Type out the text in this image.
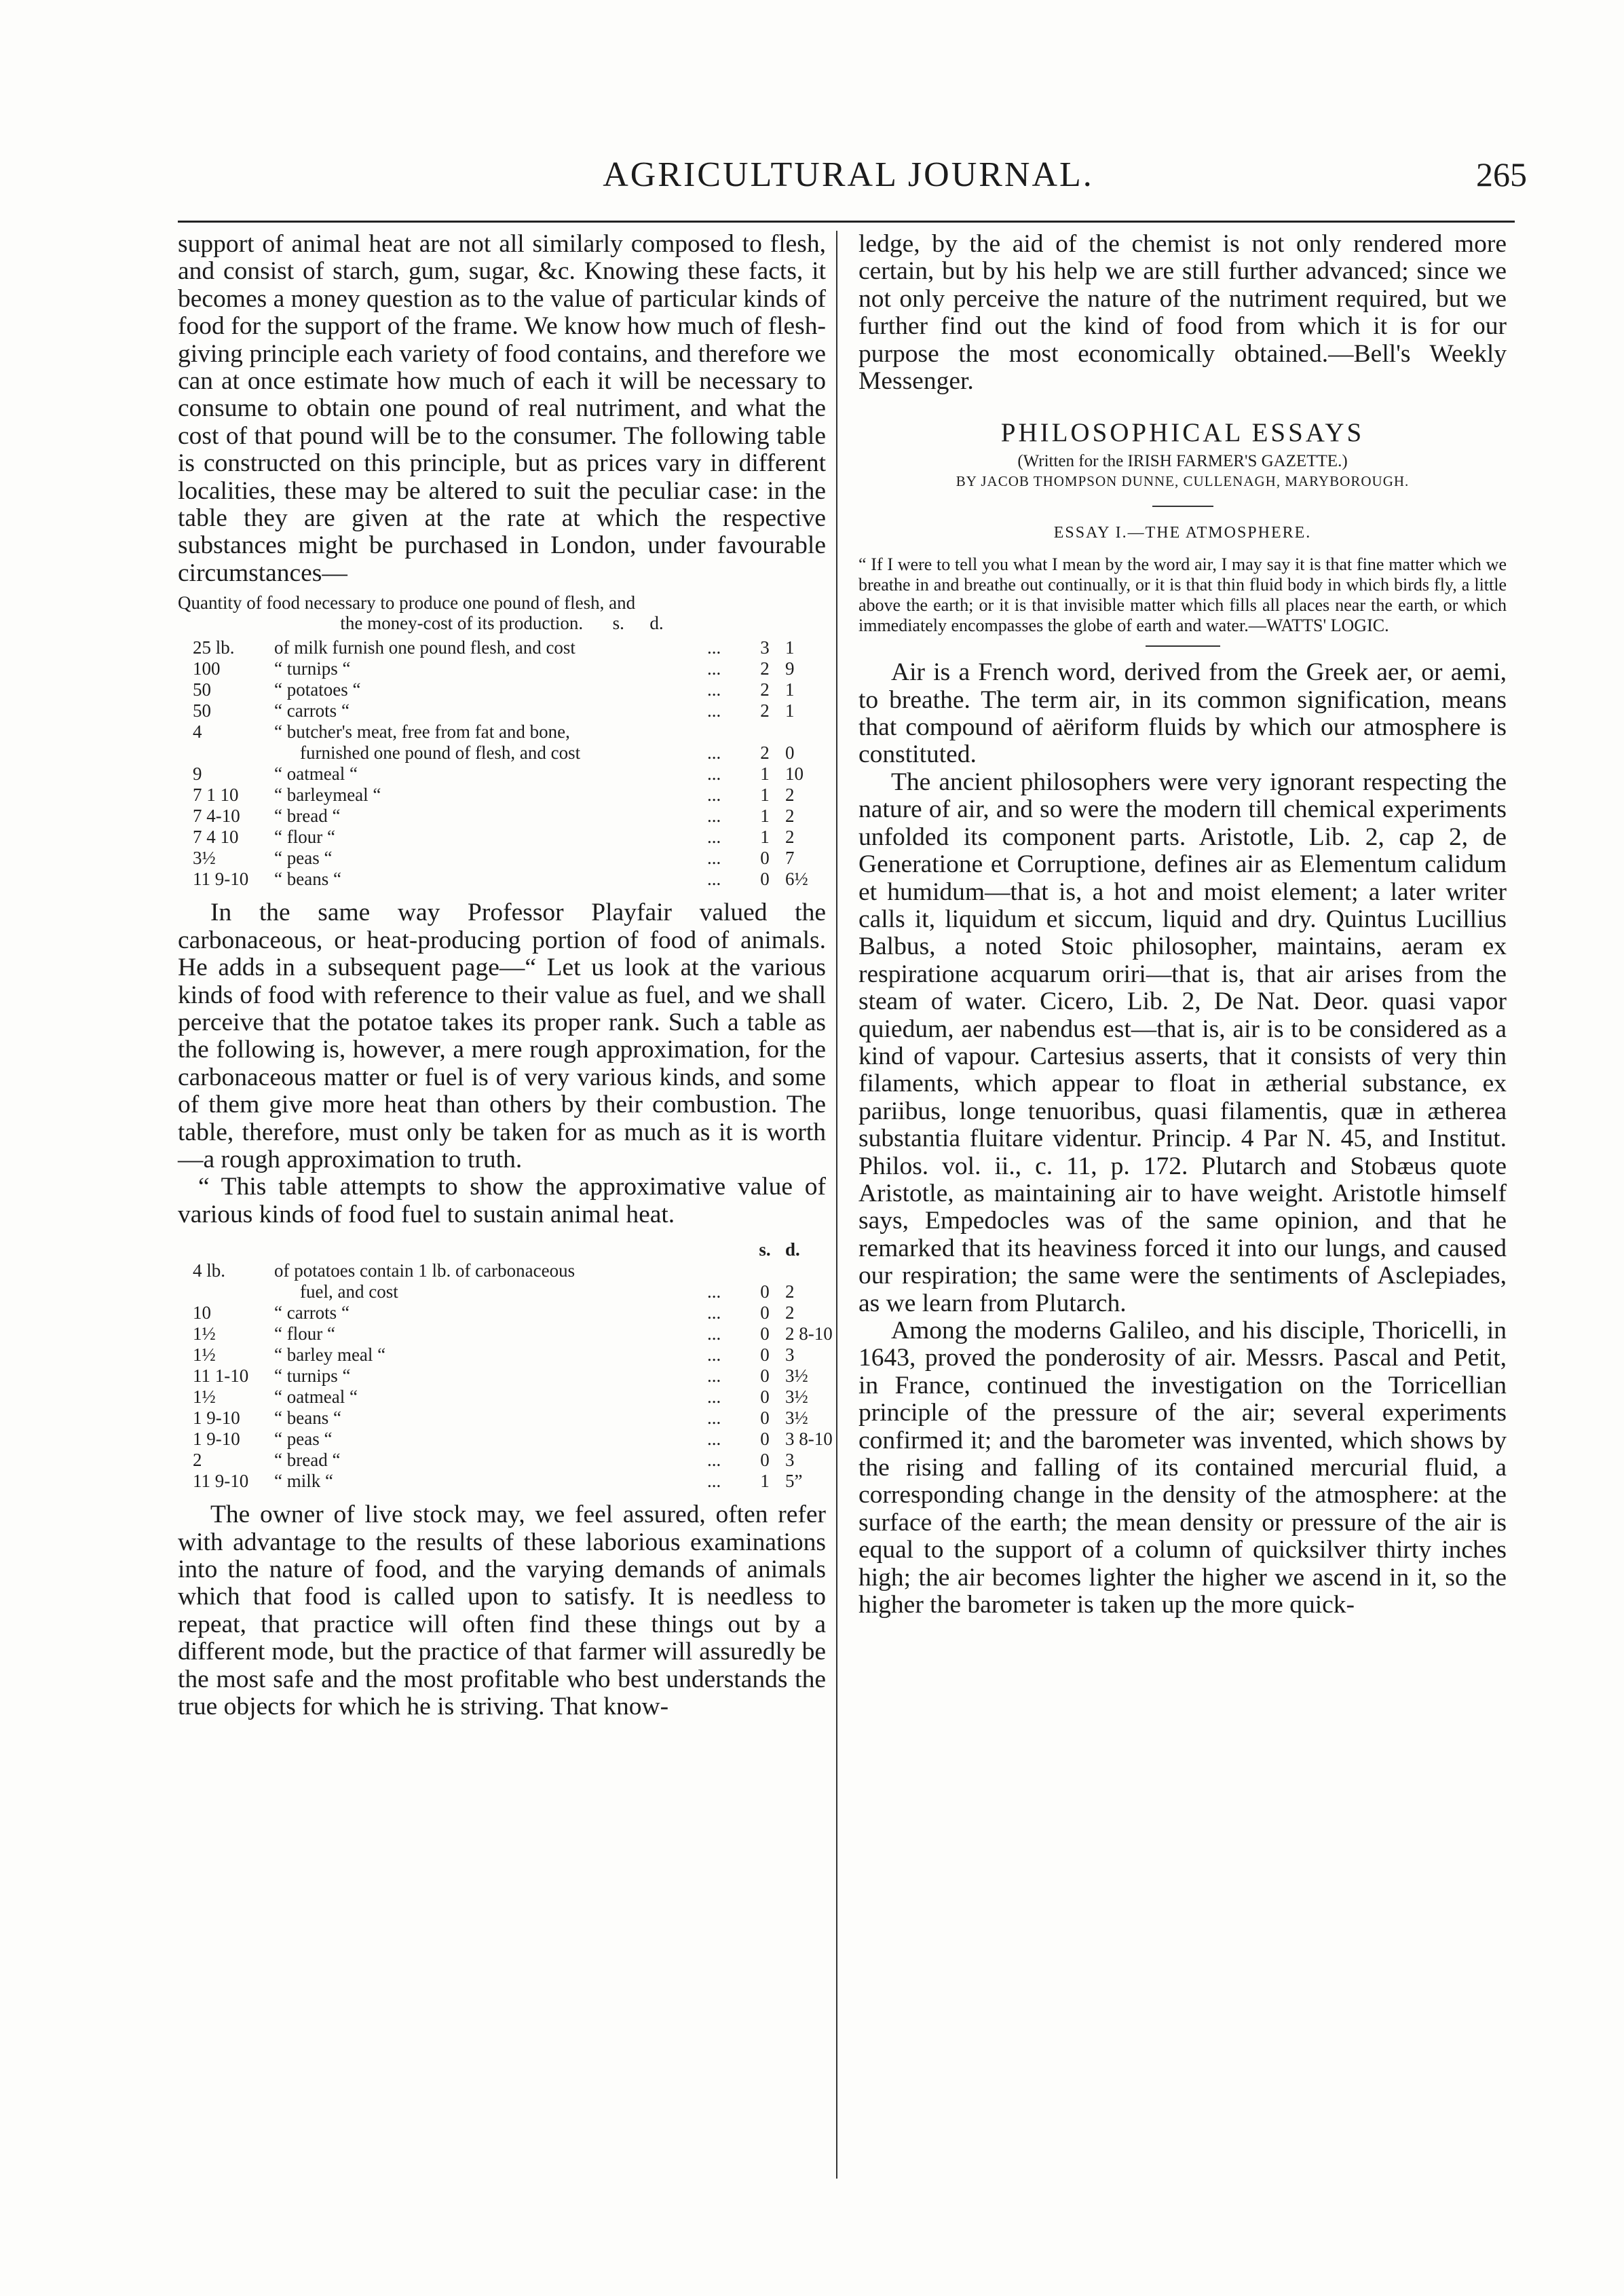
AGRICULTURAL JOURNAL.	265

support of animal heat are not all similarly composed to flesh, and consist of starch, gum, sugar, &c. Knowing these facts, it becomes a money question as to the value of particular kinds of food for the support of the frame. We know how much of flesh-giving principle each variety of food contains, and therefore we can at once estimate how much of each it will be necessary to consume to obtain one pound of real nutriment, and what the cost of that pound will be to the consumer. The following table is constructed on this principle, but as prices vary in different localities, these may be altered to suit the peculiar case: in the table they are given at the rate at which the respective substances might be purchased in London, under favourable circumstances—

Quantity of food necessary to produce one pound of flesh, and
the money-cost of its production. s. d.
25 lb.	of milk furnish one pound flesh, and cost	...	3 1
100	“ turnips “	...	2 9
50	“ potatoes “	...	2 1
50	“ carrots “	...	2 1
4	“ butcher's meat, free from fat and bone,
furnished one pound of flesh, and cost	...	2 0
9	“ oatmeal “	...	1 10
7 1 10	“ barleymeal “	...	1 2
7 4-10	“ bread “	...	1 2
7 4 10	“ flour “	...	1 2
3½	“ peas “	...	0 7
11 9-10	“ beans “	...	0 6½

In the same way Professor Playfair valued the carbonaceous, or heat-producing portion of food of animals. He adds in a subsequent page—“ Let us look at the various kinds of food with reference to their value as fuel, and we shall perceive that the potatoe takes its proper rank. Such a table as the following is, however, a mere rough approximation, for the carbonaceous matter or fuel is of very various kinds, and some of them give more heat than others by their combustion. The table, therefore, must only be taken for as much as it is worth—a rough approximation to truth.

“ This table attempts to show the approximative value of various kinds of food fuel to sustain animal heat.

s. d.
4 lb.	of potatoes contain 1 lb. of carbonaceous
fuel, and cost	...	0 2
10	“ carrots “	...	0 2
1½	“ flour “	...	0 2 8-10
1½	“ barley meal “	...	0 3
11 1-10	“ turnips “	...	0 3½
1½	“ oatmeal “	...	0 3½
1 9-10	“ beans “	...	0 3½
1 9-10	“ peas “	...	0 3 8-10
2	“ bread “	...	0 3
11 9-10	“ milk “	...	1 5”

The owner of live stock may, we feel assured, often refer with advantage to the results of these laborious examinations into the nature of food, and the varying demands of animals which that food is called upon to satisfy. It is needless to repeat, that practice will often find these things out by a different mode, but the practice of that farmer will assuredly be the most safe and the most profitable who best understands the true objects for which he is striving. That know-

ledge, by the aid of the chemist is not only rendered more certain, but by his help we are still further advanced; since we not only perceive the nature of the nutriment required, but we further find out the kind of food from which it is for our purpose the most economically obtained.—Bell's Weekly Messenger.

PHILOSOPHICAL ESSAYS
(Written for the IRISH FARMER'S GAZETTE.)
BY JACOB THOMPSON DUNNE, CULLENAGH, MARYBOROUGH.
ESSAY I.—THE ATMOSPHERE.
“ If I were to tell you what I mean by the word air, I may say it is that fine matter which we breathe in and breathe out continually, or it is that thin fluid body in which birds fly, a little above the earth; or it is that invisible matter which fills all places near the earth, or which immediately encompasses the globe of earth and water.—WATTS' LOGIC.

Air is a French word, derived from the Greek aer, or aemi, to breathe. The term air, in its common signification, means that compound of aëriform fluids by which our atmosphere is constituted.

The ancient philosophers were very ignorant respecting the nature of air, and so were the modern till chemical experiments unfolded its component parts. Aristotle, Lib. 2, cap 2, de Generatione et Corruptione, defines air as Elementum calidum et humidum—that is, a hot and moist element; a later writer calls it, liquidum et siccum, liquid and dry. Quintus Lucillius Balbus, a noted Stoic philosopher, maintains, aeram ex respiratione acquarum oriri—that is, that air arises from the steam of water. Cicero, Lib. 2, De Nat. Deor. quasi vapor quiedum, aer nabendus est—that is, air is to be considered as a kind of vapour. Cartesius asserts, that it consists of very thin filaments, which appear to float in ætherial substance, ex pariibus, longe tenuoribus, quasi filamentis, quæ in ætherea substantia fluitare videntur. Princip. 4 Par N. 45, and Institut. Philos. vol. ii., c. 11, p. 172. Plutarch and Stobæus quote Aristotle, as maintaining air to have weight. Aristotle himself says, Empedocles was of the same opinion, and that he remarked that its heaviness forced it into our lungs, and caused our respiration; the same were the sentiments of Asclepiades, as we learn from Plutarch.

Among the moderns Galileo, and his disciple, Thoricelli, in 1643, proved the ponderosity of air. Messrs. Pascal and Petit, in France, continued the investigation on the Torricellian principle of the pressure of the air; several experiments confirmed it; and the barometer was invented, which shows by the rising and falling of its contained mercurial fluid, a corresponding change in the density of the atmosphere: at the surface of the earth; the mean density or pressure of the air is equal to the support of a column of quicksilver thirty inches high; the air becomes lighter the higher we ascend in it, so the higher the barometer is taken up the more quick-
